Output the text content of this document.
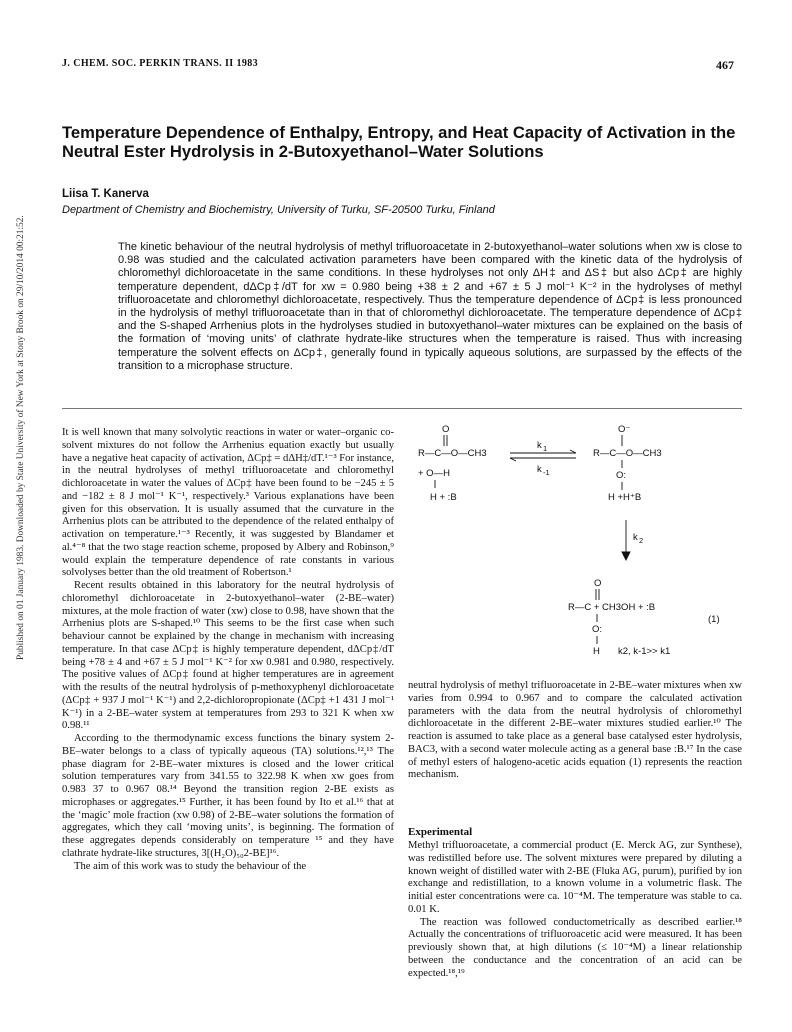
Published on 01 January 1983. Downloaded by State University of New York at Stony Brook on 29/10/2014 00:21:52.
J. CHEM. SOC. PERKIN TRANS. II 1983	467
Temperature Dependence of Enthalpy, Entropy, and Heat Capacity of Activation in the Neutral Ester Hydrolysis in 2-Butoxyethanol–Water Solutions
Liisa T. Kanerva
Department of Chemistry and Biochemistry, University of Turku, SF-20500 Turku, Finland

The kinetic behaviour of the neutral hydrolysis of methyl trifluoroacetate in 2-butoxyethanol–water solutions when xw is close to 0.98 was studied and the calculated activation parameters have been compared with the kinetic data of the hydrolysis of chloromethyl dichloroacetate in the same conditions. In these hydrolyses not only ΔH‡ and ΔS‡ but also ΔCp‡ are highly temperature dependent, dΔCp‡/dT for xw = 0.980 being +38 ± 2 and +67 ± 5 J mol⁻¹ K⁻² in the hydrolyses of methyl trifluoroacetate and chloromethyl dichloroacetate, respectively. Thus the temperature dependence of ΔCp‡ is less pronounced in the hydrolysis of methyl trifluoroacetate than in that of chloromethyl dichloroacetate. The temperature dependence of ΔCp‡ and the S-shaped Arrhenius plots in the hydrolyses studied in butoxyethanol–water mixtures can be explained on the basis of the formation of ‘moving units’ of clathrate hydrate-like structures when the temperature is raised. Thus with increasing temperature the solvent effects on ΔCp‡, generally found in typically aqueous solutions, are surpassed by the effects of the transition to a microphase structure.

It is well known that many solvolytic reactions in water or water–organic co-solvent mixtures do not follow the Arrhenius equation exactly but usually have a negative heat capacity of activation, ΔCp‡ = dΔH‡/dT.¹⁻³ For instance, in the neutral hydrolyses of methyl trifluoroacetate and chloromethyl dichloroacetate in water the values of ΔCp‡ have been found to be −245 ± 5 and −182 ± 8 J mol⁻¹ K⁻¹, respectively.³ Various explanations have been given for this observation. It is usually assumed that the curvature in the Arrhenius plots can be attributed to the dependence of the related enthalpy of activation on temperature.¹⁻³ Recently, it was suggested by Blandamer et al.⁴⁻⁸ that the two stage reaction scheme, proposed by Albery and Robinson,⁹ would explain the temperature dependence of rate constants in various solvolyses better than the old treatment of Robertson.¹

Recent results obtained in this laboratory for the neutral hydrolysis of chloromethyl dichloroacetate in 2-butoxyethanol–water (2-BE–water) mixtures, at the mole fraction of water (xw) close to 0.98, have shown that the Arrhenius plots are S-shaped.¹⁰ This seems to be the first case when such behaviour cannot be explained by the change in mechanism with increasing temperature. In that case ΔCp‡ is highly temperature dependent, dΔCp‡/dT being +78 ± 4 and +67 ± 5 J mol⁻¹ K⁻² for xw 0.981 and 0.980, respectively. The positive values of ΔCp‡ found at higher temperatures are in agreement with the results of the neutral hydrolysis of p-methoxyphenyl dichloroacetate (ΔCp‡ + 937 J mol⁻¹ K⁻¹) and 2,2-dichloropropionate (ΔCp‡ +1 431 J mol⁻¹ K⁻¹) in a 2-BE–water system at temperatures from 293 to 321 K when xw 0.98.¹¹

According to the thermodynamic excess functions the binary system 2-BE–water belongs to a class of typically aqueous (TA) solutions.¹²,¹³ The phase diagram for 2-BE–water mixtures is closed and the lower critical solution temperatures vary from 341.55 to 322.98 K when xw goes from 0.983 37 to 0.967 08.¹⁴ Beyond the transition region 2-BE exists as microphases or aggregates.¹⁵ Further, it has been found by Ito et al.¹⁶ that at the ‘magic’ mole fraction (xw 0.98) of 2-BE–water solutions the formation of aggregates, which they call ‘moving units’, is beginning. The formation of these aggregates depends considerably on temperature ¹⁵ and they have clathrate hydrate-like structures, 3[(H₂O)₅₀2-BE]¹⁶.

The aim of this work was to study the behaviour of the

O
R—C—O—CH3
+ O—H
H + :B
k 1
k -1
O⁻
R—C—O—CH3
O:
H +H⁺B
k 2
O
R—C + CH3OH + :B
O:
H k2, k-1>> k1
(1)

neutral hydrolysis of methyl trifluoroacetate in 2-BE–water mixtures when xw varies from 0.994 to 0.967 and to compare the calculated activation parameters with the data from the neutral hydrolysis of chloromethyl dichloroacetate in the different 2-BE–water mixtures studied earlier.¹⁰ The reaction is assumed to take place as a general base catalysed ester hydrolysis, BAC3, with a second water molecule acting as a general base :B.¹⁷ In the case of methyl esters of halogeno-acetic acids equation (1) represents the reaction mechanism.

Experimental

Methyl trifluoroacetate, a commercial product (E. Merck AG, zur Synthese), was redistilled before use. The solvent mixtures were prepared by diluting a known weight of distilled water with 2-BE (Fluka AG, purum), purified by ion exchange and redistillation, to a known volume in a volumetric flask. The initial ester concentrations were ca. 10⁻⁴M. The temperature was stable to ca. 0.01 K.

The reaction was followed conductometrically as described earlier.¹⁸ Actually the concentrations of trifluoroacetic acid were measured. It has been previously shown that, at high dilutions (≤ 10⁻⁴M) a linear relationship between the conductance and the concentration of an acid can be expected.¹⁸,¹⁹
